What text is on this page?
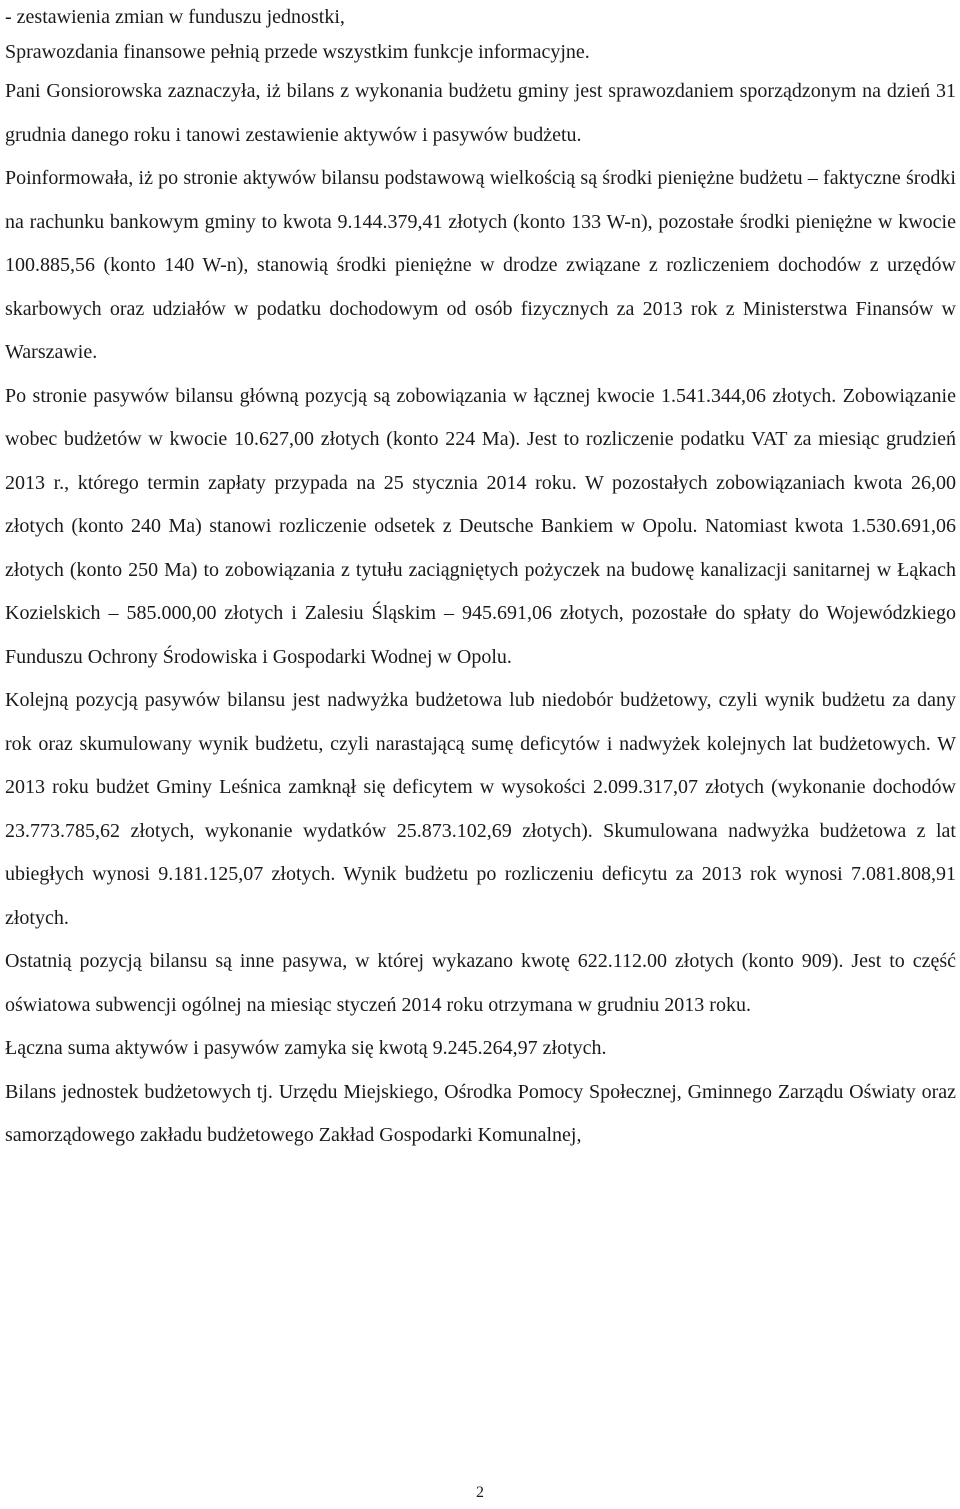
- zestawienia zmian w funduszu jednostki,

Sprawozdania finansowe pełnią przede wszystkim funkcje informacyjne.

Pani Gonsiorowska zaznaczyła, iż bilans z wykonania budżetu gminy jest sprawozdaniem sporządzonym na dzień 31 grudnia danego roku i tanowi zestawienie aktywów i pasywów budżetu.

Poinformowała, iż po stronie aktywów bilansu podstawową wielkością są środki pieniężne budżetu – faktyczne środki na rachunku bankowym gminy to kwota 9.144.379,41 złotych (konto 133 W-n), pozostałe środki pieniężne w kwocie 100.885,56 (konto 140 W-n), stanowią środki pieniężne w drodze związane z rozliczeniem dochodów z urzędów skarbowych oraz udziałów w podatku dochodowym od osób fizycznych za 2013 rok z Ministerstwa Finansów w Warszawie.

Po stronie pasywów bilansu główną pozycją są zobowiązania w łącznej kwocie 1.541.344,06 złotych. Zobowiązanie wobec budżetów w kwocie 10.627,00 złotych (konto 224 Ma). Jest to rozliczenie podatku VAT za miesiąc grudzień 2013 r., którego termin zapłaty przypada na 25 stycznia 2014 roku. W pozostałych zobowiązaniach kwota 26,00 złotych (konto 240 Ma) stanowi rozliczenie odsetek z Deutsche Bankiem w Opolu. Natomiast kwota 1.530.691,06 złotych (konto 250 Ma) to zobowiązania z tytułu zaciągniętych pożyczek na budowę kanalizacji sanitarnej w Łąkach Kozielskich – 585.000,00 złotych i Zalesiu Śląskim – 945.691,06 złotych, pozostałe do spłaty do Wojewódzkiego Funduszu Ochrony Środowiska i Gospodarki Wodnej w Opolu.

Kolejną pozycją pasywów bilansu jest nadwyżka budżetowa lub niedobór budżetowy, czyli wynik budżetu za dany rok oraz skumulowany wynik budżetu, czyli narastającą sumę deficytów i nadwyżek kolejnych lat budżetowych. W 2013 roku budżet Gminy Leśnica zamknął się deficytem w wysokości 2.099.317,07 złotych (wykonanie dochodów 23.773.785,62 złotych, wykonanie wydatków 25.873.102,69 złotych). Skumulowana nadwyżka budżetowa z lat ubiegłych wynosi 9.181.125,07 złotych. Wynik budżetu po rozliczeniu deficytu za 2013 rok wynosi 7.081.808,91 złotych.

Ostatnią pozycją bilansu są inne pasywa, w której wykazano kwotę 622.112.00 złotych (konto 909). Jest to część oświatowa subwencji ogólnej na miesiąc styczeń 2014 roku otrzymana w grudniu 2013 roku.

Łączna suma aktywów i pasywów zamyka się kwotą 9.245.264,97 złotych.

Bilans jednostek budżetowych tj. Urzędu Miejskiego, Ośrodka Pomocy Społecznej, Gminnego Zarządu Oświaty oraz samorządowego zakładu budżetowego Zakład Gospodarki Komunalnej,

2
